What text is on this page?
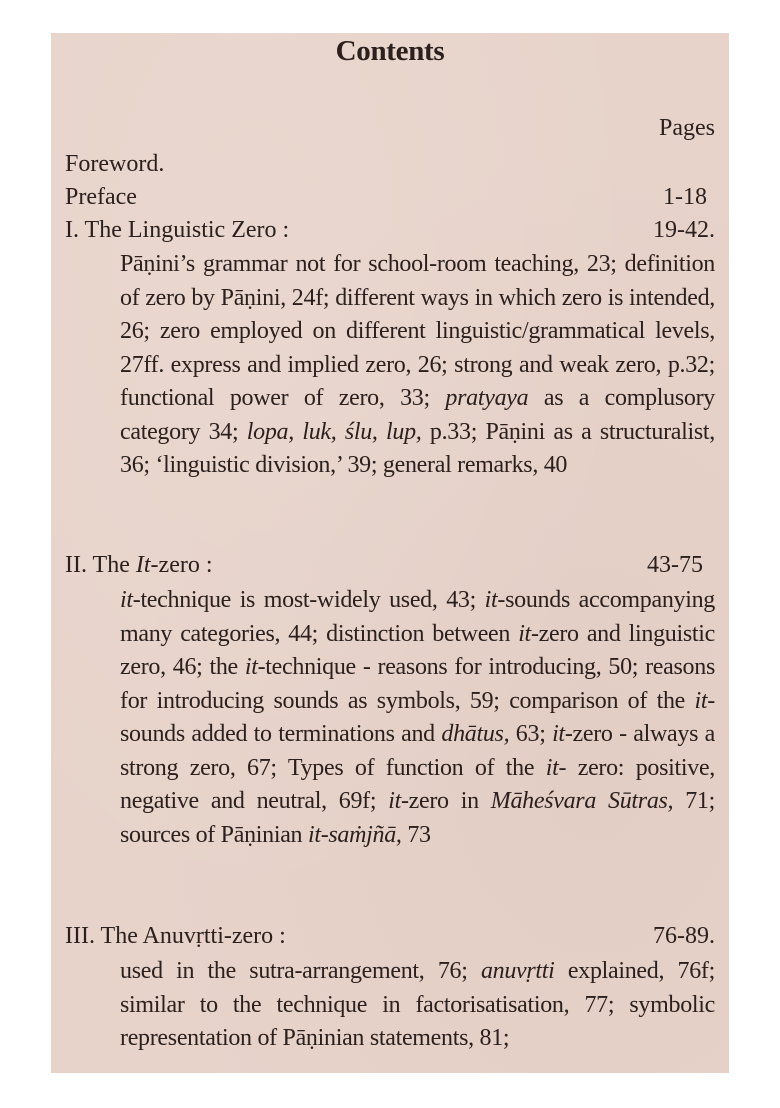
Contents
Pages
Foreword.
Preface	1-18
I. The Linguistic Zero :	19-42.
Pāṇini’s grammar not for school-room teaching, 23; definition of zero by Pāṇini, 24f; different ways in which zero is intended, 26; zero employed on different linguistic/grammatical levels, 27ff. express and implied zero, 26; strong and weak zero, p.32; functional power of zero, 33; pratyaya as a complusory category 34; lopa, luk, ślu, lup, p.33; Pāṇini as a structuralist, 36; ‘linguistic division,’ 39; general remarks, 40
II. The It-zero :	43-75
it-technique is most-widely used, 43; it-sounds accompanying many categories, 44; distinction between it-zero and linguistic zero, 46; the it-technique - reasons for introducing, 50; reasons for introducing sounds as symbols, 59; comparison of the it-sounds added to terminations and dhātus, 63; it-zero - always a strong zero, 67; Types of function of the it- zero: positive, negative and neutral, 69f; it-zero in Māheśvara Sūtras, 71; sources of Pāṇinian it-saṁjñā, 73
III. The Anuvṛtti-zero :	76-89.
used in the sutra-arrangement, 76; anuvṛtti explained, 76f; similar to the technique in factorisatisation, 77; symbolic representation of Pāṇinian statements, 81;
